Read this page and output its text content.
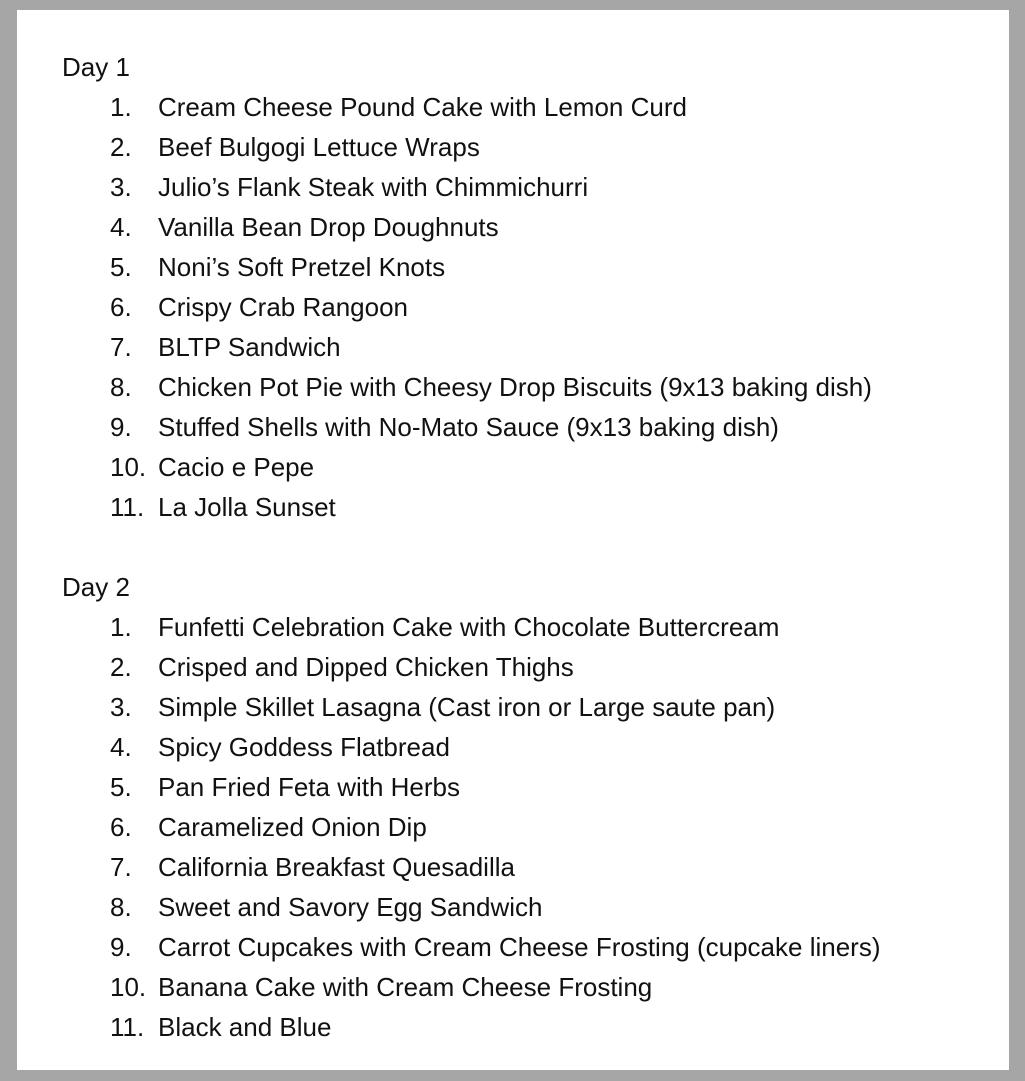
Day 1
1. Cream Cheese Pound Cake with Lemon Curd
2. Beef Bulgogi Lettuce Wraps
3. Julio’s Flank Steak with Chimmichurri
4. Vanilla Bean Drop Doughnuts
5. Noni’s Soft Pretzel Knots
6. Crispy Crab Rangoon
7. BLTP Sandwich
8. Chicken Pot Pie with Cheesy Drop Biscuits (9x13 baking dish)
9. Stuffed Shells with No-Mato Sauce (9x13 baking dish)
10. Cacio e Pepe
11. La Jolla Sunset
Day 2
1. Funfetti Celebration Cake with Chocolate Buttercream
2. Crisped and Dipped Chicken Thighs
3. Simple Skillet Lasagna (Cast iron or Large saute pan)
4. Spicy Goddess Flatbread
5. Pan Fried Feta with Herbs
6. Caramelized Onion Dip
7. California Breakfast Quesadilla
8. Sweet and Savory Egg Sandwich
9. Carrot Cupcakes with Cream Cheese Frosting (cupcake liners)
10. Banana Cake with Cream Cheese Frosting
11. Black and Blue
